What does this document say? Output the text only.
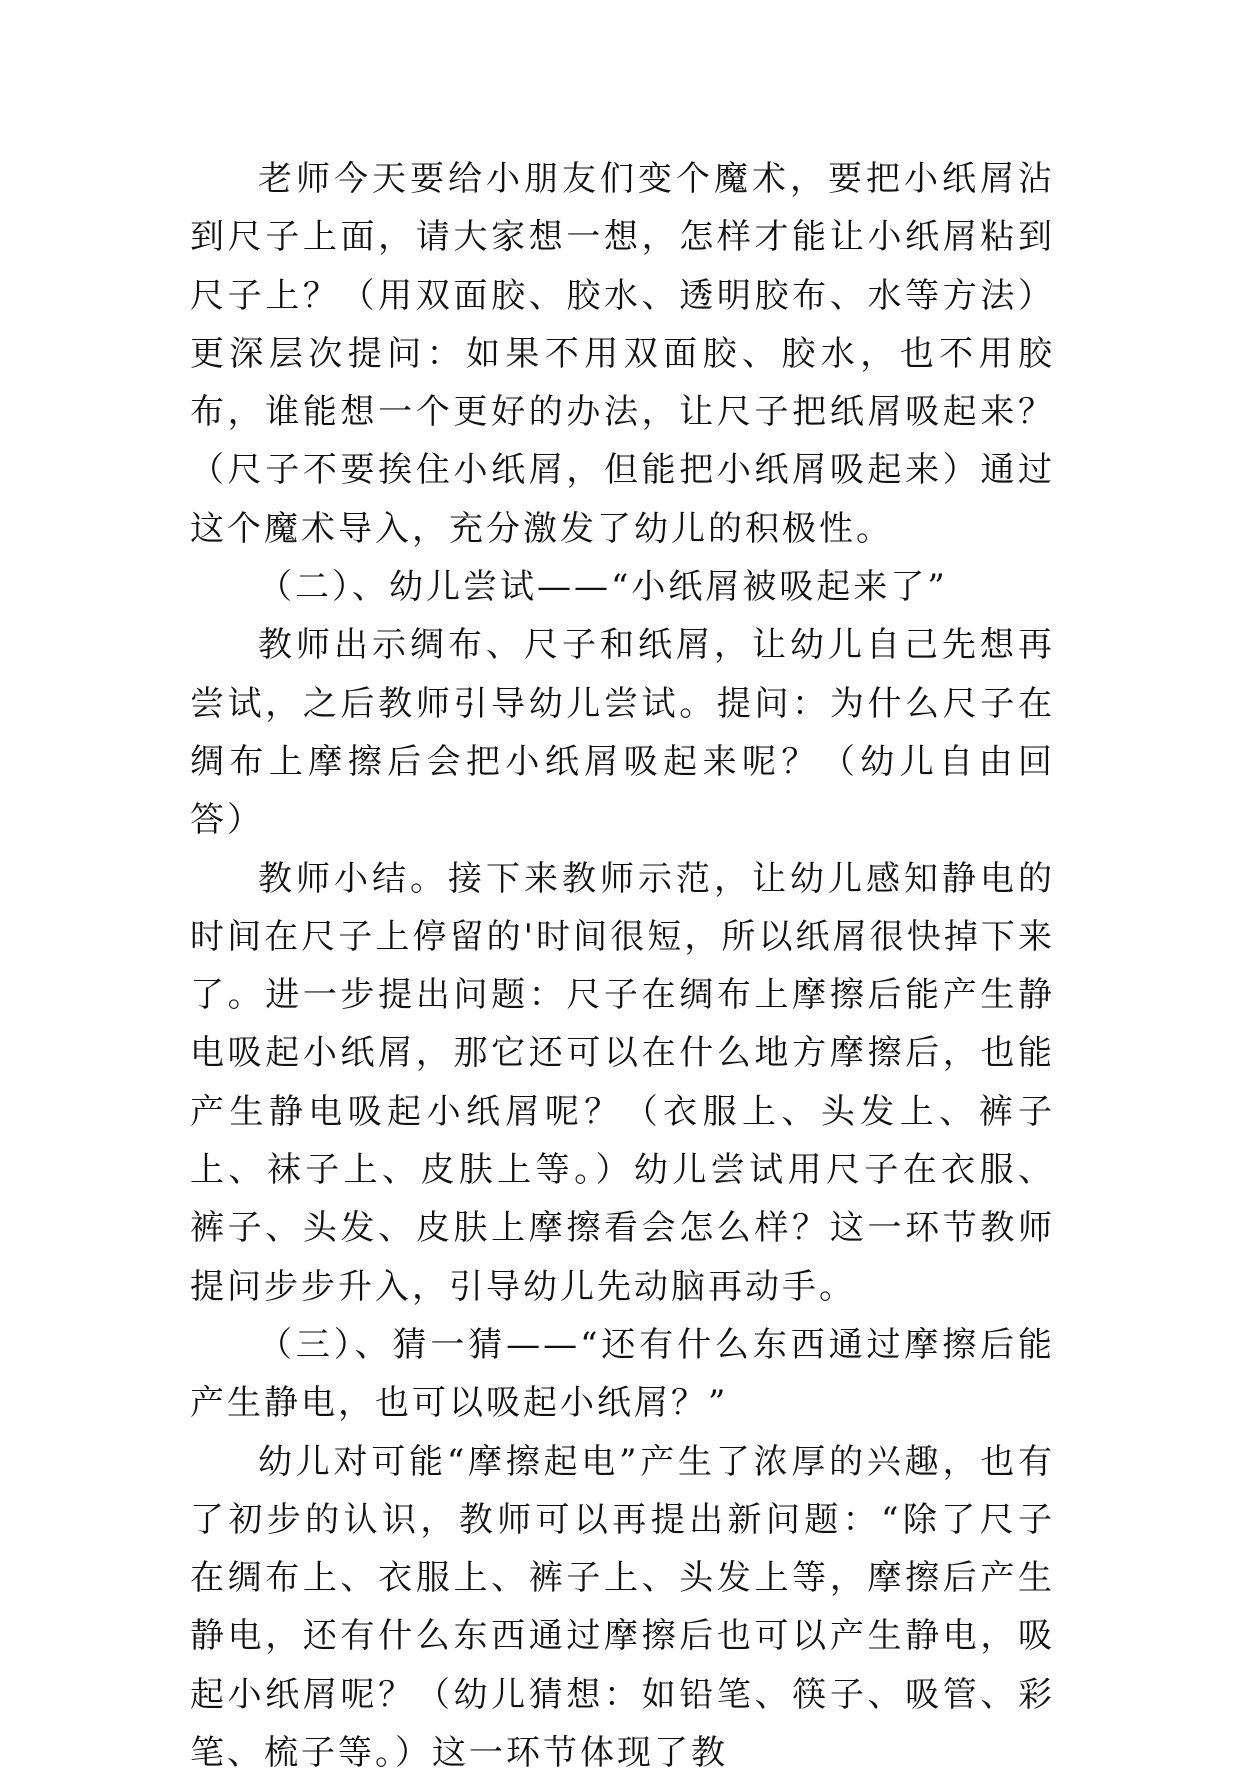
老师今天要给小朋友们变个魔术，要把小纸屑沾到尺子上面，请大家想一想，怎样才能让小纸屑粘到尺子上？（用双面胶、胶水、透明胶布、水等方法）更深层次提问：如果不用双面胶、胶水，也不用胶布，谁能想一个更好的办法，让尺子把纸屑吸起来？（尺子不要挨住小纸屑，但能把小纸屑吸起来）通过这个魔术导入，充分激发了幼儿的积极性。

（二）、幼儿尝试——“小纸屑被吸起来了”

教师出示绸布、尺子和纸屑，让幼儿自己先想再尝试，之后教师引导幼儿尝试。提问：为什么尺子在绸布上摩擦后会把小纸屑吸起来呢？（幼儿自由回答）

教师小结。接下来教师示范，让幼儿感知静电的时间在尺子上停留的'时间很短，所以纸屑很快掉下来了。进一步提出问题：尺子在绸布上摩擦后能产生静电吸起小纸屑，那它还可以在什么地方摩擦后，也能产生静电吸起小纸屑呢？（衣服上、头发上、裤子上、袜子上、皮肤上等。）幼儿尝试用尺子在衣服、裤子、头发、皮肤上摩擦看会怎么样？这一环节教师提问步步升入，引导幼儿先动脑再动手。

（三）、猜一猜——“还有什么东西通过摩擦后能产生静电，也可以吸起小纸屑？”

幼儿对可能“摩擦起电”产生了浓厚的兴趣，也有了初步的认识，教师可以再提出新问题：“除了尺子在绸布上、衣服上、裤子上、头发上等，摩擦后产生静电，还有什么东西通过摩擦后也可以产生静电，吸起小纸屑呢？（幼儿猜想：如铅笔、筷子、吸管、彩笔、梳子等。）这一环节体现了教
